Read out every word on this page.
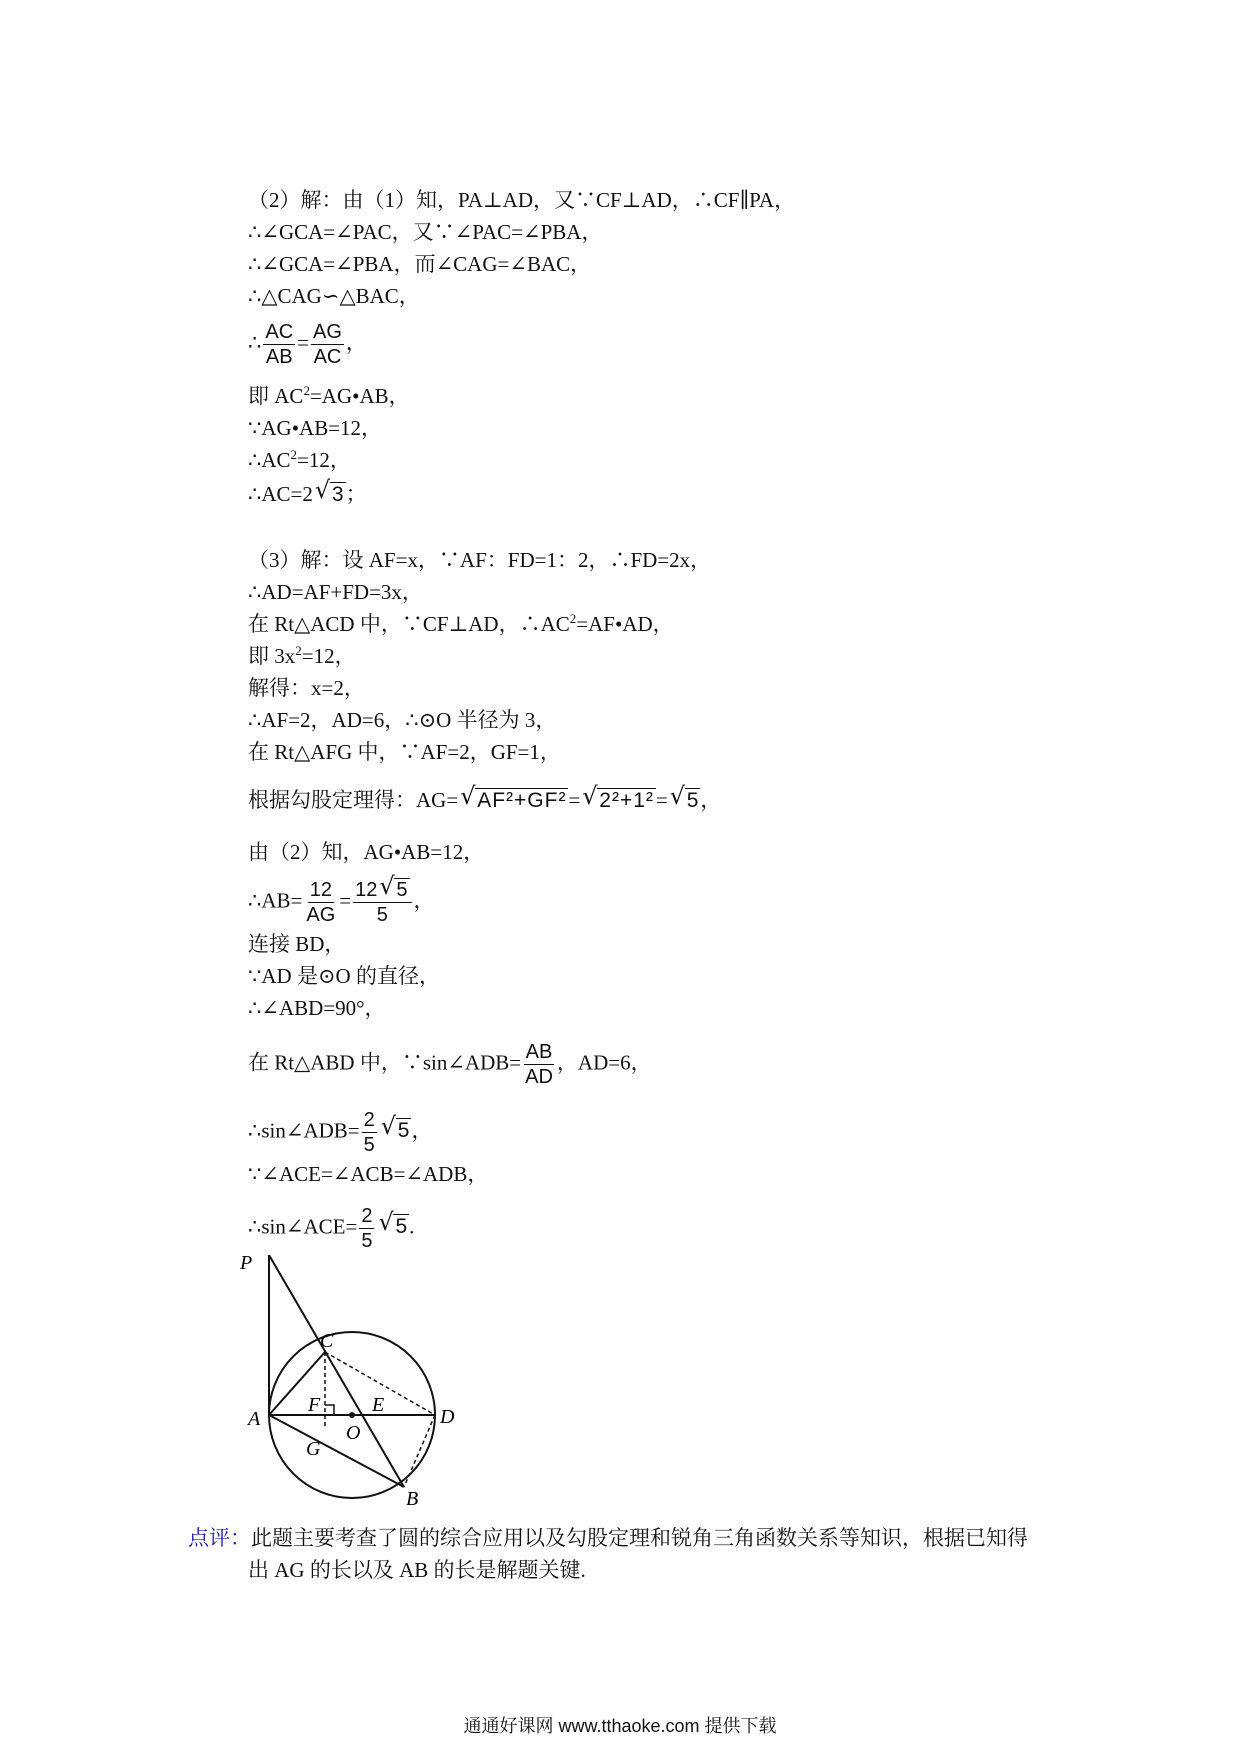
（2）解：由（1）知，PA⊥AD，又∵CF⊥AD，∴CF∥PA，
∴∠GCA=∠PAC，又∵∠PAC=∠PBA，
∴∠GCA=∠PBA，而∠CAG=∠BAC，
∴△CAG∽△BAC，
∴ $\frac{AC}{AB} = \frac{AG}{AC}$ ，
即 $AC^2=AG•AB$，
∵AG•AB=12，
$\therefore AC^2=12$，
∴AC=2 √ 3；
（3）解：设 AF=x，∵AF：FD=1：2，∴FD=2x，
∴AD=AF+FD=3x，
在 Rt△ACD 中，∵CF⊥AD，$\therefore AC^2=AF•AD$，
即 $3x^2=12$，
解得：x=2，
∴AF=2，AD=6，∴⊙O 半径为 3，
在 Rt△AFG 中，∵AF=2，GF=1，
根据勾股定理得：AG= √ AF²+GF²= √ 2²+1²= √ 5，
由（2）知，AG•AB=12，
∴AB= $\frac{12}{AG} = \frac{12 √ 5}{5}$ ，
连接 BD，
∵AD 是⊙O 的直径，
∴∠ABD=90°，
在 Rt△ABD 中，∵sin∠ADB= $\frac{AB}{AD}$ ，AD=6，
∴sin∠ADB= $\frac{2}{5}$ √ 5，
∵∠ACE=∠ACB=∠ADB，
∴sin∠ACE= $\frac{2}{5}$ √ 5.
P
C
A
F	E
D
O
G
B
点评：此题主要考查了圆的综合应用以及勾股定理和锐角三角函数关系等知识，根据已知得
出 AG 的长以及 AB 的长是解题关键.
通通好课网 www.tthaoke.com 提供下载
